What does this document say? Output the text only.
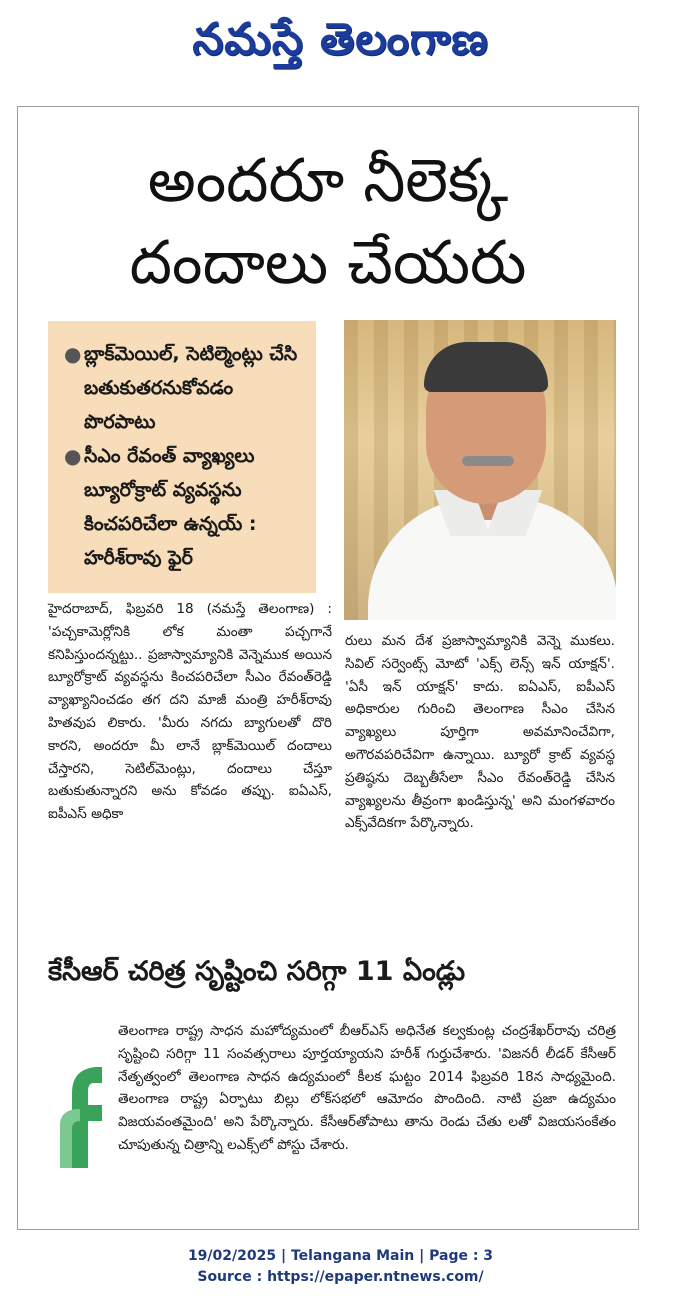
నమస్తే తెలంగాణ
అందరూ నీలెక్క దందాలు చేయరు
● బ్లాక్‌మెయిల్, సెటిల్మెంట్లు చేసి బతుకుతరనుకోవడం పొరపాటు
● సీఎం రేవంత్ వ్యాఖ్యలు బ్యూరోక్రాట్ వ్యవస్థను కించపరిచేలా ఉన్నయ్ : హరీశ్‌రావు ఫైర్
హైదరాబాద్, ఫిబ్రవరి 18 (నమస్తే తెలంగాణ) : 'పచ్చకామెర్లోనికి లోక మంతా పచ్చగానే కనిపిస్తుందన్నట్టు.. ప్రజాస్వామ్యానికి వెన్నెముక అయిన బ్యూరోక్రాట్ వ్యవస్థను కించపరిచేలా సీఎం రేవంత్‌రెడ్డి వ్యాఖ్యానించడం తగ దని మాజీ మంత్రి హరీశ్‌రావు హితవుప లికారు. 'మీరు నగదు బ్యాగులతో దొరి కారని, అందరూ మీ లానే బ్లాక్‌మెయిల్ దందాలు చేస్తారని, సెటిల్‌మెంట్లు, దందాలు చేస్తూ బతుకుతున్నారని అను కోవడం తప్పు. ఐఏఎస్, ఐపీఎస్ అధికా
రులు మన దేశ ప్రజాస్వామ్యానికి వెన్నె ముకలు. సివిల్ సర్వెంట్స్ మోటో 'ఎక్స్ లెన్స్ ఇన్ యాక్షన్'. 'ఏసీ ఇన్ యాక్షన్' కాదు. ఐఏఎస్, ఐపీఎస్ అధికారుల గురించి తెలంగాణ సీఎం చేసిన వ్యాఖ్యలు పూర్తిగా అవమానించేవిగా, అగౌరవపరిచేవిగా ఉన్నాయి. బ్యూరో క్రాట్ వ్యవస్థ ప్రతిష్ఠను దెబ్బతీసేలా సీఎం రేవంత్‌రెడ్డి చేసిన వ్యాఖ్యలను తీవ్రంగా ఖండిస్తున్న' అని మంగళవారం ఎక్స్‌వేదికగా పేర్కొన్నారు.
కేసీఆర్ చరిత్ర సృష్టించి సరిగ్గా 11 ఏండ్లు
తెలంగాణ రాష్ట్ర సాధన మహోద్యమంలో బీఆర్‌ఎస్ అధినేత కల్వకుంట్ల చంద్రశేఖర్‌రావు చరిత్ర సృష్టించి సరిగ్గా 11 సంవత్సరాలు పూర్తయ్యాయని హరీశ్ గుర్తుచేశారు. 'విజనరీ లీడర్ కేసీఆర్ నేతృత్వంలో తెలంగాణ సాధన ఉద్యమంలో కీలక ఘట్టం 2014 ఫిబ్రవరి 18న సాధ్యమైంది. తెలంగాణ రాష్ట్ర ఏర్పాటు బిల్లు లోక్‌సభలో ఆమోదం పొందింది. నాటి ప్రజా ఉద్యమం విజయవంతమైంది' అని పేర్కొన్నారు. కేసీఆర్‌తోపాటు తాను రెండు చేతు లతో విజయసంకేతం చూపుతున్న చిత్రాన్ని లఎక్స్‌లో పోస్టు చేశారు.
19/02/2025 | Telangana Main | Page : 3
Source : https://epaper.ntnews.com/
